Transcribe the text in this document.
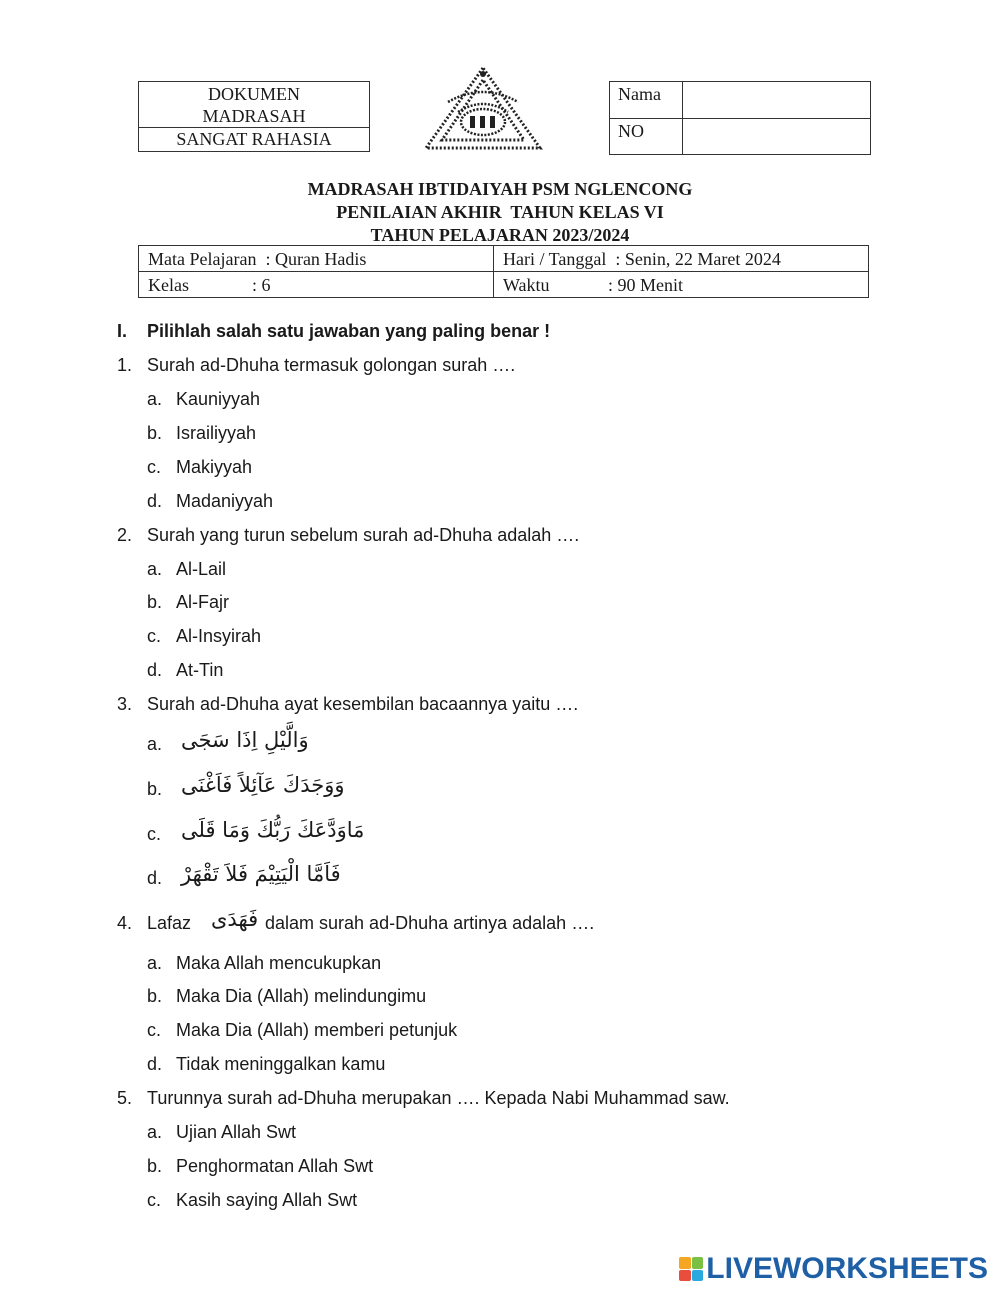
DOKUMEN
MADRASAH
SANGAT RAHASIA
Nama
NO
MADRASAH IBTIDAIYAH PSM NGLENCONG
PENILAIAN AKHIR  TAHUN KELAS VI
TAHUN PELAJARAN 2023/2024
Mata Pelajaran  : Quran Hadis	Hari / Tanggal  : Senin, 22 Maret 2024
Kelas              : 6	Waktu             : 90 Menit
I. Pilihlah salah satu jawaban yang paling benar !
1. Surah ad-Dhuha termasuk golongan surah ….
a. Kauniyyah
b. Israiliyyah
c. Makiyyah
d. Madaniyyah
2. Surah yang turun sebelum surah ad-Dhuha adalah ….
a. Al-Lail
b. Al-Fajr
c. Al-Insyirah
d. At-Tin
3. Surah ad-Dhuha ayat kesembilan bacaannya yaitu ….
a. وَالَّيْلِ اِذَا سَجَى
b. وَوَجَدَكَ عَآئِلاً فَاَغْنَى
c. مَاوَدَّعَكَ رَبُّكَ وَمَا قَلَى
d. فَاَمَّا الْيَتِيْمَ فَلاَ تَقْهَرْ
4. Lafaz فَهَدَى dalam surah ad-Dhuha artinya adalah ….
a. Maka Allah mencukupkan
b. Maka Dia (Allah) melindungimu
c. Maka Dia (Allah) memberi petunjuk
d. Tidak meninggalkan kamu
5. Turunnya surah ad-Dhuha merupakan …. Kepada Nabi Muhammad saw.
a. Ujian Allah Swt
b. Penghormatan Allah Swt
c. Kasih saying Allah Swt
LIVEWORKSHEETS
